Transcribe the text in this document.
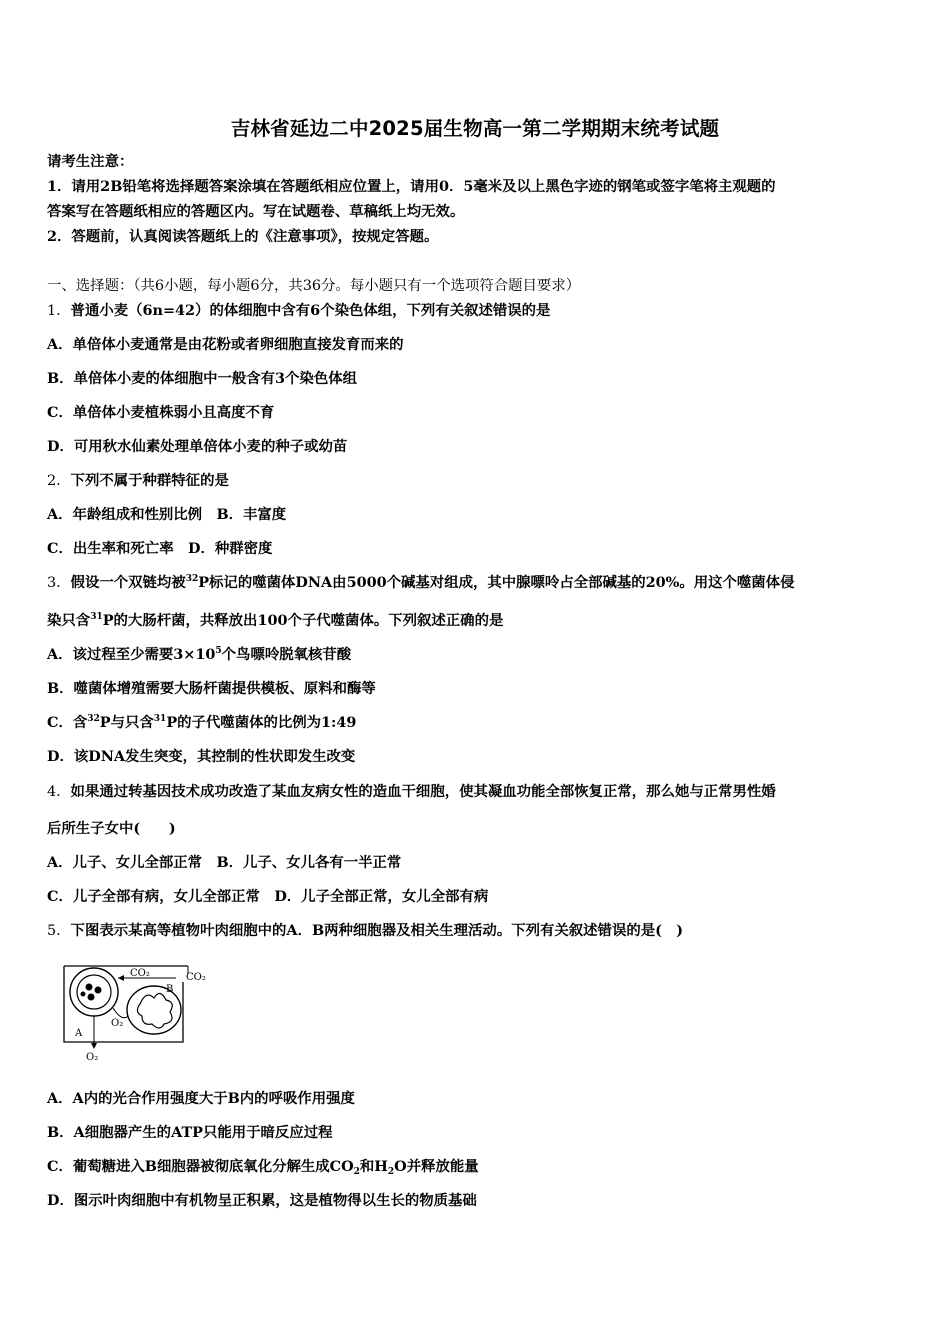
吉林省延边二中2025届生物高一第二学期期末统考试题
请考生注意：
1．请用2B铅笔将选择题答案涂填在答题纸相应位置上，请用0．5毫米及以上黑色字迹的钢笔或签字笔将主观题的
答案写在答题纸相应的答题区内。写在试题卷、草稿纸上均无效。
2．答题前，认真阅读答题纸上的《注意事项》，按规定答题。
一、选择题：（共6小题，每小题6分，共36分。每小题只有一个选项符合题目要求）
1．普通小麦（6n=42）的体细胞中含有6个染色体组，下列有关叙述错误的是
A．单倍体小麦通常是由花粉或者卵细胞直接发育而来的
B．单倍体小麦的体细胞中一般含有3个染色体组
C．单倍体小麦植株弱小且高度不育
D．可用秋水仙素处理单倍体小麦的种子或幼苗
2．下列不属于种群特征的是
A．年龄组成和性别比例　B．丰富度
C．出生率和死亡率　D．种群密度
3．假设一个双链均被$^{32}$P标记的噬菌体DNA由5000个碱基对组成，其中腺嘌呤占全部碱基的20%。用这个噬菌体侵
染只含$^{31}$P的大肠杆菌，共释放出100个子代噬菌体。下列叙述正确的是
A．该过程至少需要$3\times 10^5$个鸟嘌呤脱氧核苷酸
B．噬菌体增殖需要大肠杆菌提供模板、原料和酶等
C．含$^{32}$P与只含$^{31}$P的子代噬菌体的比例为1:49
D．该DNA发生突变，其控制的性状即发生改变
4．如果通过转基因技术成功改造了某血友病女性的造血干细胞，使其凝血功能全部恢复正常，那么她与正常男性婚
后所生子女中(　　)
A．儿子、女儿全部正常　B．儿子、女儿各有一半正常
C．儿子全部有病，女儿全部正常　D．儿子全部正常，女儿全部有病
5．下图表示某高等植物叶肉细胞中的A．B两种细胞器及相关生理活动。下列有关叙述错误的是(　)
A
B
CO₂	CO₂
O₂
O₂
A．A内的光合作用强度大于B内的呼吸作用强度
B．A细胞器产生的ATP只能用于暗反应过程
C．葡萄糖进入B细胞器被彻底氧化分解生成$CO_2$和$H_2O$并释放能量
D．图示叶肉细胞中有机物呈正积累，这是植物得以生长的物质基础
